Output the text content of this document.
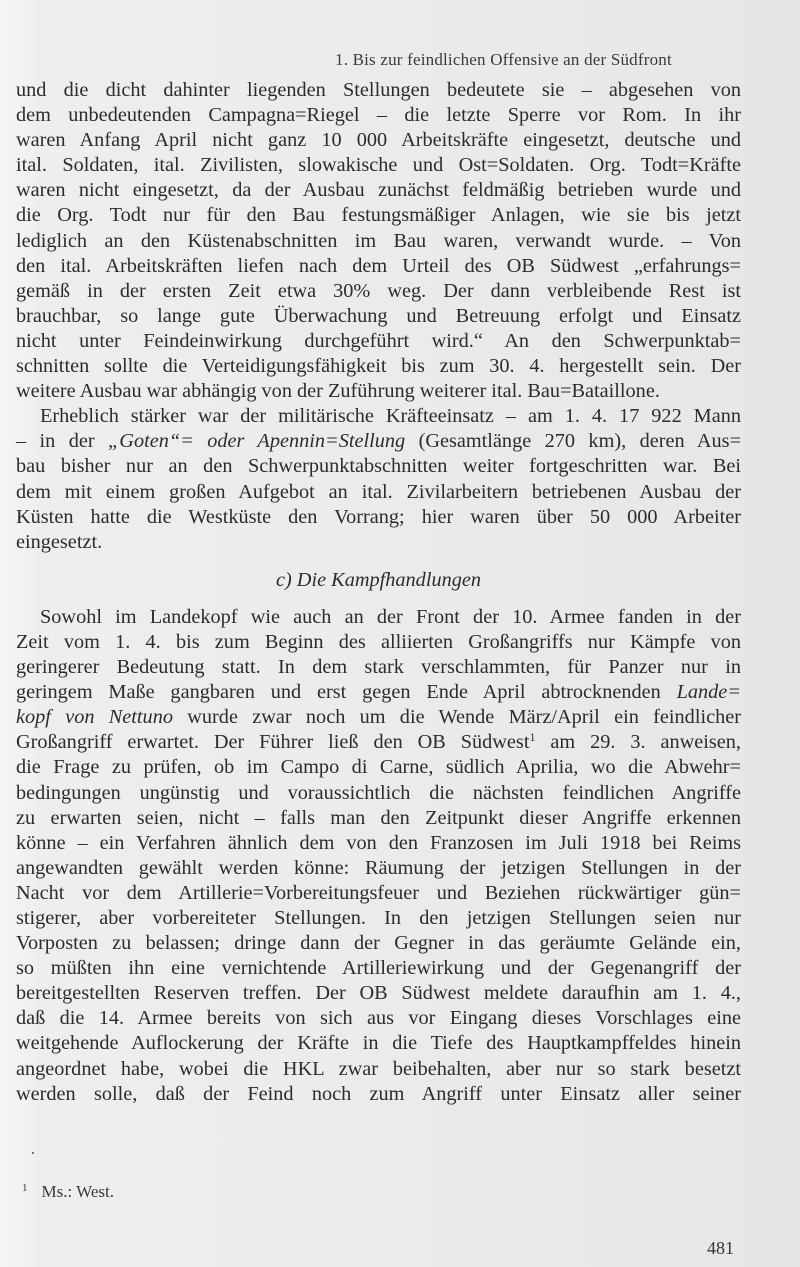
1. Bis zur feindlichen Offensive an der Südfront

und die dicht dahinter liegenden Stellungen bedeutete sie – abgesehen von
dem unbedeutenden Campagna=Riegel – die letzte Sperre vor Rom. In ihr
waren Anfang April nicht ganz 10 000 Arbeitskräfte eingesetzt, deutsche und
ital. Soldaten, ital. Zivilisten, slowakische und Ost=Soldaten. Org. Todt=Kräfte
waren nicht eingesetzt, da der Ausbau zunächst feldmäßig betrieben wurde und
die Org. Todt nur für den Bau festungsmäßiger Anlagen, wie sie bis jetzt
lediglich an den Küstenabschnitten im Bau waren, verwandt wurde. – Von
den ital. Arbeitskräften liefen nach dem Urteil des OB Südwest „erfahrungs=
gemäß in der ersten Zeit etwa 30% weg. Der dann verbleibende Rest ist
brauchbar, so lange gute Überwachung und Betreuung erfolgt und Einsatz
nicht unter Feindeinwirkung durchgeführt wird.“ An den Schwerpunktab=
schnitten sollte die Verteidigungsfähigkeit bis zum 30. 4. hergestellt sein. Der
weitere Ausbau war abhängig von der Zuführung weiterer ital. Bau=Bataillone.

Erheblich stärker war der militärische Kräfteeinsatz – am 1. 4. 17 922 Mann
– in der „Goten“= oder Apennin=Stellung (Gesamtlänge 270 km), deren Aus=
bau bisher nur an den Schwerpunktabschnitten weiter fortgeschritten war. Bei
dem mit einem großen Aufgebot an ital. Zivilarbeitern betriebenen Ausbau der
Küsten hatte die Westküste den Vorrang; hier waren über 50 000 Arbeiter
eingesetzt.

c) Die Kampfhandlungen

Sowohl im Landekopf wie auch an der Front der 10. Armee fanden in der
Zeit vom 1. 4. bis zum Beginn des alliierten Großangriffs nur Kämpfe von
geringerer Bedeutung statt. In dem stark verschlammten, für Panzer nur in
geringem Maße gangbaren und erst gegen Ende April abtrocknenden Lande=
kopf von Nettuno wurde zwar noch um die Wende März/April ein feindlicher
Großangriff erwartet. Der Führer ließ den OB Südwest$^1$ am 29. 3. anweisen,
die Frage zu prüfen, ob im Campo di Carne, südlich Aprilia, wo die Abwehr=
bedingungen ungünstig und voraussichtlich die nächsten feindlichen Angriffe
zu erwarten seien, nicht – falls man den Zeitpunkt dieser Angriffe erkennen
könne – ein Verfahren ähnlich dem von den Franzosen im Juli 1918 bei Reims
angewandten gewählt werden könne: Räumung der jetzigen Stellungen in der
Nacht vor dem Artillerie=Vorbereitungsfeuer und Beziehen rückwärtiger gün=
stigerer, aber vorbereiteter Stellungen. In den jetzigen Stellungen seien nur
Vorposten zu belassen; dringe dann der Gegner in das geräumte Gelände ein,
so müßten ihn eine vernichtende Artilleriewirkung und der Gegenangriff der
bereitgestellten Reserven treffen. Der OB Südwest meldete daraufhin am 1. 4.,
daß die 14. Armee bereits von sich aus vor Eingang dieses Vorschlages eine
weitgehende Auflockerung der Kräfte in die Tiefe des Hauptkampffeldes hinein
angeordnet habe, wobei die HKL zwar beibehalten, aber nur so stark besetzt
werden solle, daß der Feind noch zum Angriff unter Einsatz aller seiner

$^1$ Ms.: West.
481
